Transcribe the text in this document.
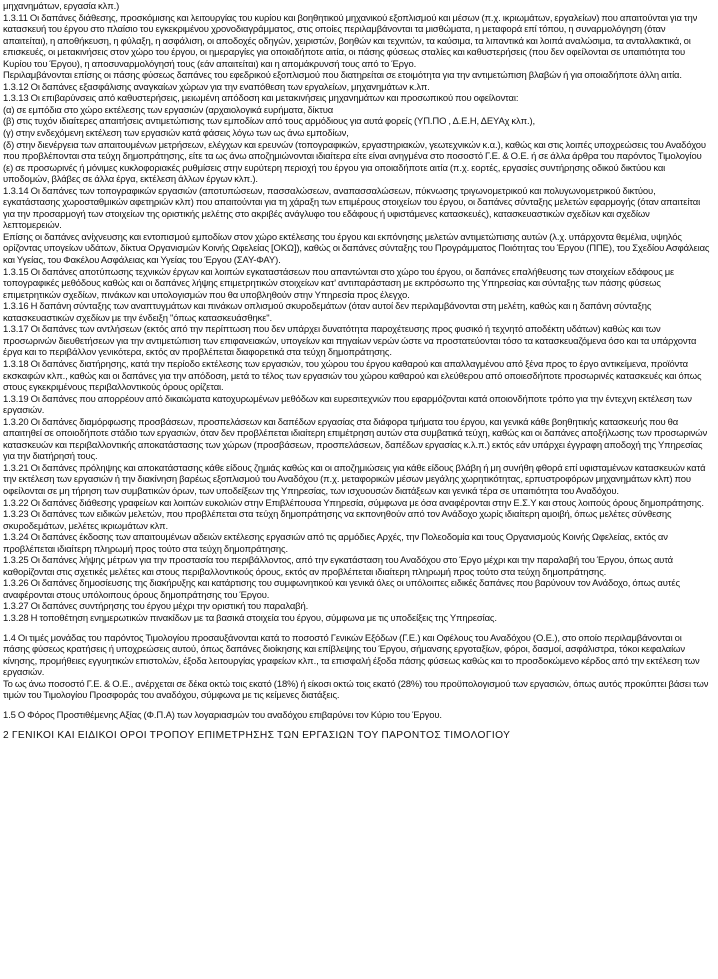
μηχανημάτων, εργασία κλπ.)

1.3.11 Οι δαπάνες διάθεσης, προσκόμισης και λειτουργίας του κυρίου και βοηθητικού μηχανικού εξοπλισμού και μέσων (π.χ. ικριωμάτων, εργαλείων) που απαιτούνται για την κατασκευή του έργου στο πλαίσιο του εγκεκριμένου χρονοδιαγράμματος, στις οποίες περιλαμβάνονται τα μισθώματα, η μεταφορά επί τόπου, η συναρμολόγηση (όταν απαιτείται), η αποθήκευση, η φύλαξη, η ασφάλιση, οι αποδοχές οδηγών, χειριστών, βοηθών και τεχνιτών, τα καύσιμα, τα λιπαντικά και λοιπά αναλώσιμα, τα ανταλλακτικά, οι επισκευές, οι μετακινήσεις στον χώρο του έργου, οι ημεραργίες για οποιαδήποτε αιτία, οι πάσης φύσεως σταλίες και καθυστερήσεις (που δεν οφείλονται σε υπαιτιότητα του Κυρίου του Έργου), η αποσυναρμολόγησή τους (εάν απαιτείται) και η απομάκρυνσή τους από το Έργο.

Περιλαμβάνονται επίσης οι πάσης φύσεως δαπάνες του εφεδρικού εξοπλισμού που διατηρείται σε ετοιμότητα για την αντιμετώπιση βλαβών ή για οποιαδήποτε άλλη αιτία.

1.3.12 Οι δαπάνες εξασφάλισης αναγκαίων χώρων για την εναπόθεση των εργαλείων, μηχανημάτων κ.λπ.

1.3.13 Οι επιβαρύνσεις από καθυστερήσεις, μειωμένη απόδοση και μετακινήσεις μηχανημάτων και προσωπικού που οφείλονται:

(α) σε εμπόδια στο χώρο εκτέλεσης των εργασιών (αρχαιολογικά ευρήματα, δίκτυα

(β) στις τυχόν ιδιαίτερες απαιτήσεις αντιμετώπισης των εμποδίων από τους αρμόδιους για αυτά φορείς (ΥΠ.ΠΟ , Δ.Ε.Η, ΔΕΥΑχ κλπ.),

(γ) στην ενδεχόμενη εκτέλεση των εργασιών κατά φάσεις λόγω των ως άνω εμποδίων,

(δ) στην διενέργεια των απαιτουμένων μετρήσεων, ελέγχων και ερευνών (τοπογραφικών, εργαστηριακών, γεωτεχνικών κ.α.), καθώς και στις λοιπές υποχρεώσεις του Αναδόχου που προβλέπονται στα τεύχη δημοπράτησης, είτε τα ως άνω αποζημιώνονται ιδιαίτερα είτε είναι ανηγμένα στο ποσοστό Γ.Ε. & Ο.Ε. ή σε άλλα άρθρα του παρόντος Τιμολογίου

(ε) σε προσωρινές ή μόνιμες κυκλοφοριακές ρυθμίσεις στην ευρύτερη περιοχή του έργου για οποιαδήποτε αιτία (π.χ. εορτές, εργασίες συντήρησης οδικού δικτύου και υποδομών, βλάβες σε άλλα έργα, εκτέλεση άλλων έργων κλπ.).

1.3.14 Οι δαπάνες των τοπογραφικών εργασιών (αποτυπώσεων, πασσαλώσεων, αναπασσαλώσεων, πύκνωσης τριγωνομετρικού και πολυγωνομετρικού δικτύου, εγκατάστασης χωροσταθμικών αφετηριών κλπ) που απαιτούνται για τη χάραξη των επιμέρους στοιχείων του έργου, οι δαπάνες σύνταξης μελετών εφαρμογής (όταν απαιτείται για την προσαρμογή των στοιχείων της οριστικής μελέτης στο ακριβές ανάγλυφο του εδάφους ή υφιστάμενες κατασκευές), κατασκευαστικών σχεδίων και σχεδίων λεπτομερειών.

Επίσης οι δαπάνες ανίχνευσης και εντοπισμού εμποδίων στον χώρο εκτέλεσης του έργου και εκπόνησης μελετών αντιμετώπισης αυτών (λ.χ. υπάρχοντα θεμέλια, υψηλός ορίζοντας υπογείων υδάτων, δίκτυα Οργανισμών Κοινής Ωφελείας [ΟΚΩ]), καθώς οι δαπάνες σύνταξης του Προγράμματος Ποιότητας του Έργου (ΠΠΕ), του Σχεδίου Ασφάλειας και Υγείας, του Φακέλου Ασφάλειας και Υγείας του Έργου (ΣΑΥ-ΦΑΥ).

1.3.15 Οι δαπάνες αποτύπωσης τεχνικών έργων και λοιπών εγκαταστάσεων που απαντώνται στο χώρο του έργου, οι δαπάνες επαλήθευσης των στοιχείων εδάφους με τοπογραφικές μεθόδους καθώς και οι δαπάνες λήψης επιμετρητικών στοιχείων κατ' αντιπαράσταση με εκπρόσωπο της Υπηρεσίας και σύνταξης των πάσης φύσεως επιμετρητικών σχεδίων, πινάκων και υπολογισμών που θα υποβληθούν στην Υπηρεσία προς έλεγχο.

1.3.16 Η δαπάνη σύνταξης των αναπτυγμάτων και πινάκων οπλισμού σκυροδεμάτων (όταν αυτοί δεν περιλαμβάνονται στη μελέτη, καθώς και η δαπάνη σύνταξης κατασκευαστικών σχεδίων με την ένδειξη "όπως κατασκευάσθηκε".

1.3.17 Οι δαπάνες των αντλήσεων (εκτός από την περίπτωση που δεν υπάρχει δυνατότητα παροχέτευσης προς φυσικό ή τεχνητό αποδέκτη υδάτων) καθώς και των προσωρινών διευθετήσεων για την αντιμετώπιση των επιφανειακών, υπογείων και πηγαίων νερών ώστε να προστατεύονται τόσο τα κατασκευαζόμενα όσο και τα υπάρχοντα έργα και το περιβάλλον γενικότερα, εκτός αν προβλέπεται διαφορετικά στα τεύχη δημοπράτησης.

1.3.18 Οι δαπάνες διατήρησης, κατά την περίοδο εκτέλεσης των εργασιών, του χώρου του έργου καθαρού και απαλλαγμένου από ξένα προς το έργο αντικείμενα, προϊόντα εκσκαφών κλπ., καθώς και οι δαπάνες για την απόδοση, μετά το τέλος των εργασιών του χώρου καθαρού και ελεύθερου από οποιεσδήποτε προσωρινές κατασκευές και όπως στους εγκεκριμένους περιβαλλοντικούς όρους ορίζεται.

1.3.19 Οι δαπάνες που απορρέουν από δικαιώματα κατοχυρωμένων μεθόδων και ευρεσιτεχνιών που εφαρμόζονται κατά οποιονδήποτε τρόπο για την έντεχνη εκτέλεση των εργασιών.

1.3.20 Οι δαπάνες διαμόρφωσης προσβάσεων, προσπελάσεων και δαπέδων εργασίας στα διάφορα τμήματα του έργου, και γενικά κάθε βοηθητικής κατασκευής που θα απαιτηθεί σε οποιοδήποτε στάδιο των εργασιών, όταν δεν προβλέπεται ιδιαίτερη επιμέτρηση αυτών στα συμβατικά τεύχη, καθώς και οι δαπάνες αποξήλωσης των προσωρινών κατασκευών και περιβαλλοντικής αποκατάστασης των χώρων (προσβάσεων, προσπελάσεων, δαπέδων εργασίας κ.λ.π.) εκτός εάν υπάρχει έγγραφη αποδοχή της Υπηρεσίας για την διατήρησή τους.

1.3.21 Οι δαπάνες πρόληψης και αποκατάστασης κάθε είδους ζημιάς καθώς και οι αποζημιώσεις για κάθε είδους βλάβη ή μη συνήθη φθορά επί υφισταμένων κατασκευών κατά την εκτέλεση των εργασιών ή την διακίνηση βαρέως εξοπλισμού του Αναδόχου (π.χ. μεταφορικών μέσων μεγάλης χωρητικότητας, ερπυστροφόρων μηχανημάτων κλπ) που οφείλονται σε μη τήρηση των συμβατικών όρων, των υποδείξεων της Υπηρεσίας, των ισχυουσών διατάξεων και γενικά τέρα σε υπαιτιότητα του Αναδόχου.

1.3.22 Οι δαπάνες διάθεσης γραφείων και λοιπών ευκολιών στην Επιβλέπουσα Υπηρεσία, σύμφωνα με όσα αναφέρονται στην Ε.Σ.Υ και στους λοιπούς όρους δημοπράτησης.

1.3.23 Οι δαπάνες των ειδικών μελετών, που προβλέπεται στα τεύχη δημοπράτησης να εκπονηθούν από τον Ανάδοχο χωρίς ιδιαίτερη αμοιβή, όπως μελέτες σύνθεσης σκυροδεμάτων, μελέτες ικριωμάτων κλπ.

1.3.24 Οι δαπάνες έκδοσης των απαιτουμένων αδειών εκτέλεσης εργασιών από τις αρμόδιες Αρχές, την Πολεοδομία και τους Οργανισμούς Κοινής Ωφελείας, εκτός αν προβλέπεται ιδιαίτερη πληρωμή προς τούτο στα τεύχη δημοπράτησης.

1.3.25 Οι δαπάνες λήψης μέτρων για την προστασία του περιβάλλοντος, από την εγκατάσταση του Αναδόχου στο Έργο μέχρι και την παραλαβή του Έργου, όπως αυτά καθορίζονται στις σχετικές μελέτες και στους περιβαλλοντικούς όρους, εκτός αν προβλέπεται ιδιαίτερη πληρωμή προς τούτο στα τεύχη δημοπράτησης.

1.3.26 Οι δαπάνες δημοσίευσης της διακήρυξης και κατάρτισης του συμφωνητικού και γενικά όλες οι υπόλοιπες ειδικές δαπάνες που βαρύνουν τον Ανάδοχο, όπως αυτές αναφέρονται στους υπόλοιπους όρους δημοπράτησης του Έργου.

1.3.27 Οι δαπάνες συντήρησης του έργου μέχρι την οριστική του παραλαβή.

1.3.28 Η τοποθέτηση ενημερωτικών πινακίδων με τα βασικά στοιχεία του έργου, σύμφωνα με τις υποδείξεις της Υπηρεσίας.

1.4 Οι τιμές μονάδας του παρόντος Τιμολογίου προσαυξάνονται κατά το ποσοστό Γενικών Εξόδων (Γ.Ε.) και Οφέλους του Αναδόχου (Ο.Ε.), στο οποίο περιλαμβάνονται οι πάσης φύσεως κρατήσεις ή υποχρεώσεις αυτού, όπως δαπάνες διοίκησης και επίβλεψης του Έργου, σήμανσης εργοταξίων, φόροι, δασμοί, ασφάλιστρα, τόκοι κεφαλαίων κίνησης, προμήθειες εγγυητικών επιστολών, έξοδα λειτουργίας γραφείων κλπ., τα επισφαλή έξοδα πάσης φύσεως καθώς και το προσδοκώμενο κέρδος από την εκτέλεση των εργασιών.

Το ως άνω ποσοστό Γ.Ε. & Ο.Ε., ανέρχεται σε δέκα οκτώ τοις εκατό (18%) ή είκοσι οκτώ τοις εκατό (28%) του προϋπολογισμού των εργασιών, όπως αυτός προκύπτει βάσει των τιμών του Τιμολογίου Προσφοράς του αναδόχου, σύμφωνα με τις κείμενες διατάξεις.

1.5 Ο Φόρος Προστιθέμενης Αξίας (Φ.Π.Α) των λογαριασμών του αναδόχου επιβαρύνει τον Κύριο του Έργου.

2 ΓΕΝΙΚΟΙ ΚΑΙ ΕΙΔΙΚΟΙ ΟΡΟΙ ΤΡΟΠΟΥ ΕΠΙΜΕΤΡΗΣΗΣ ΤΩΝ ΕΡΓΑΣΙΩΝ ΤΟΥ ΠΑΡΟΝΤΟΣ ΤΙΜΟΛΟΓΙΟΥ
